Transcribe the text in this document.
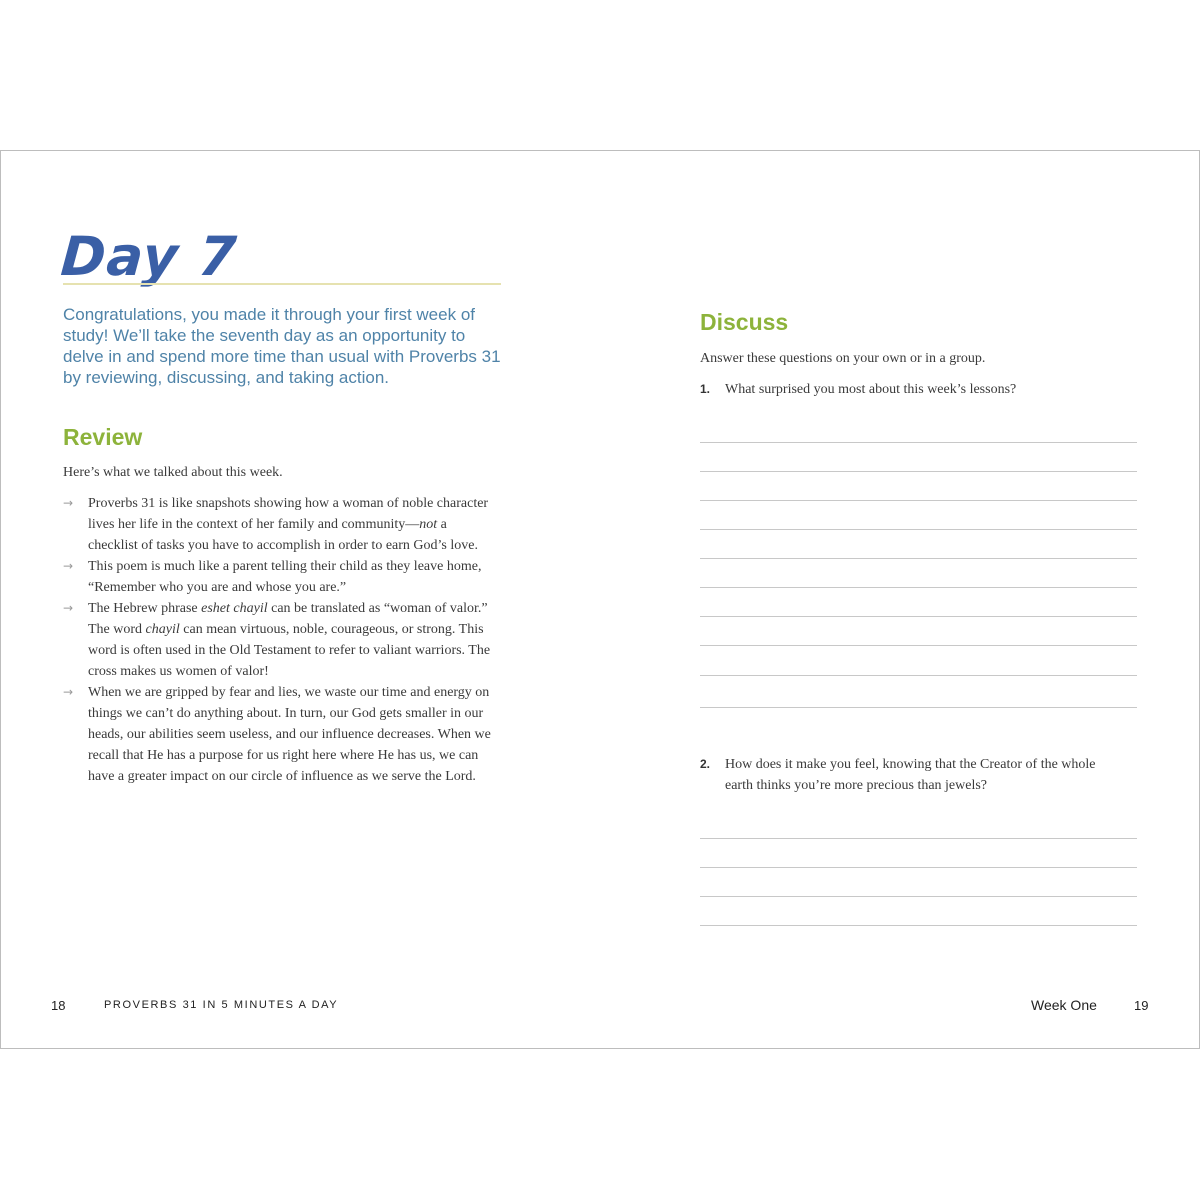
Day 7

Congratulations, you made it through your first week of study! We’ll take the seventh day as an opportunity to delve in and spend more time than usual with Proverbs 31 by reviewing, discussing, and taking action.

Review

Here’s what we talked about this week.

→ Proverbs 31 is like snapshots showing how a woman of noble character lives her life in the context of her family and community—not a checklist of tasks you have to accomplish in order to earn God’s love.
→ This poem is much like a parent telling their child as they leave home, “Remember who you are and whose you are.”
→ The Hebrew phrase eshet chayil can be translated as “woman of valor.” The word chayil can mean virtuous, noble, courageous, or strong. This word is often used in the Old Testament to refer to valiant warriors. The cross makes us women of valor!
→ When we are gripped by fear and lies, we waste our time and energy on things we can’t do anything about. In turn, our God gets smaller in our heads, our abilities seem useless, and our influence decreases. When we recall that He has a purpose for us right here where He has us, we can have a greater impact on our circle of influence as we serve the Lord.
18	PROVERBS 31 IN 5 MINUTES A DAY
Discuss

Answer these questions on your own or in a group.

1.	What surprised you most about this week’s lessons?

2.	How does it make you feel, knowing that the Creator of the whole earth thinks you’re more precious than jewels?

Week One	19
